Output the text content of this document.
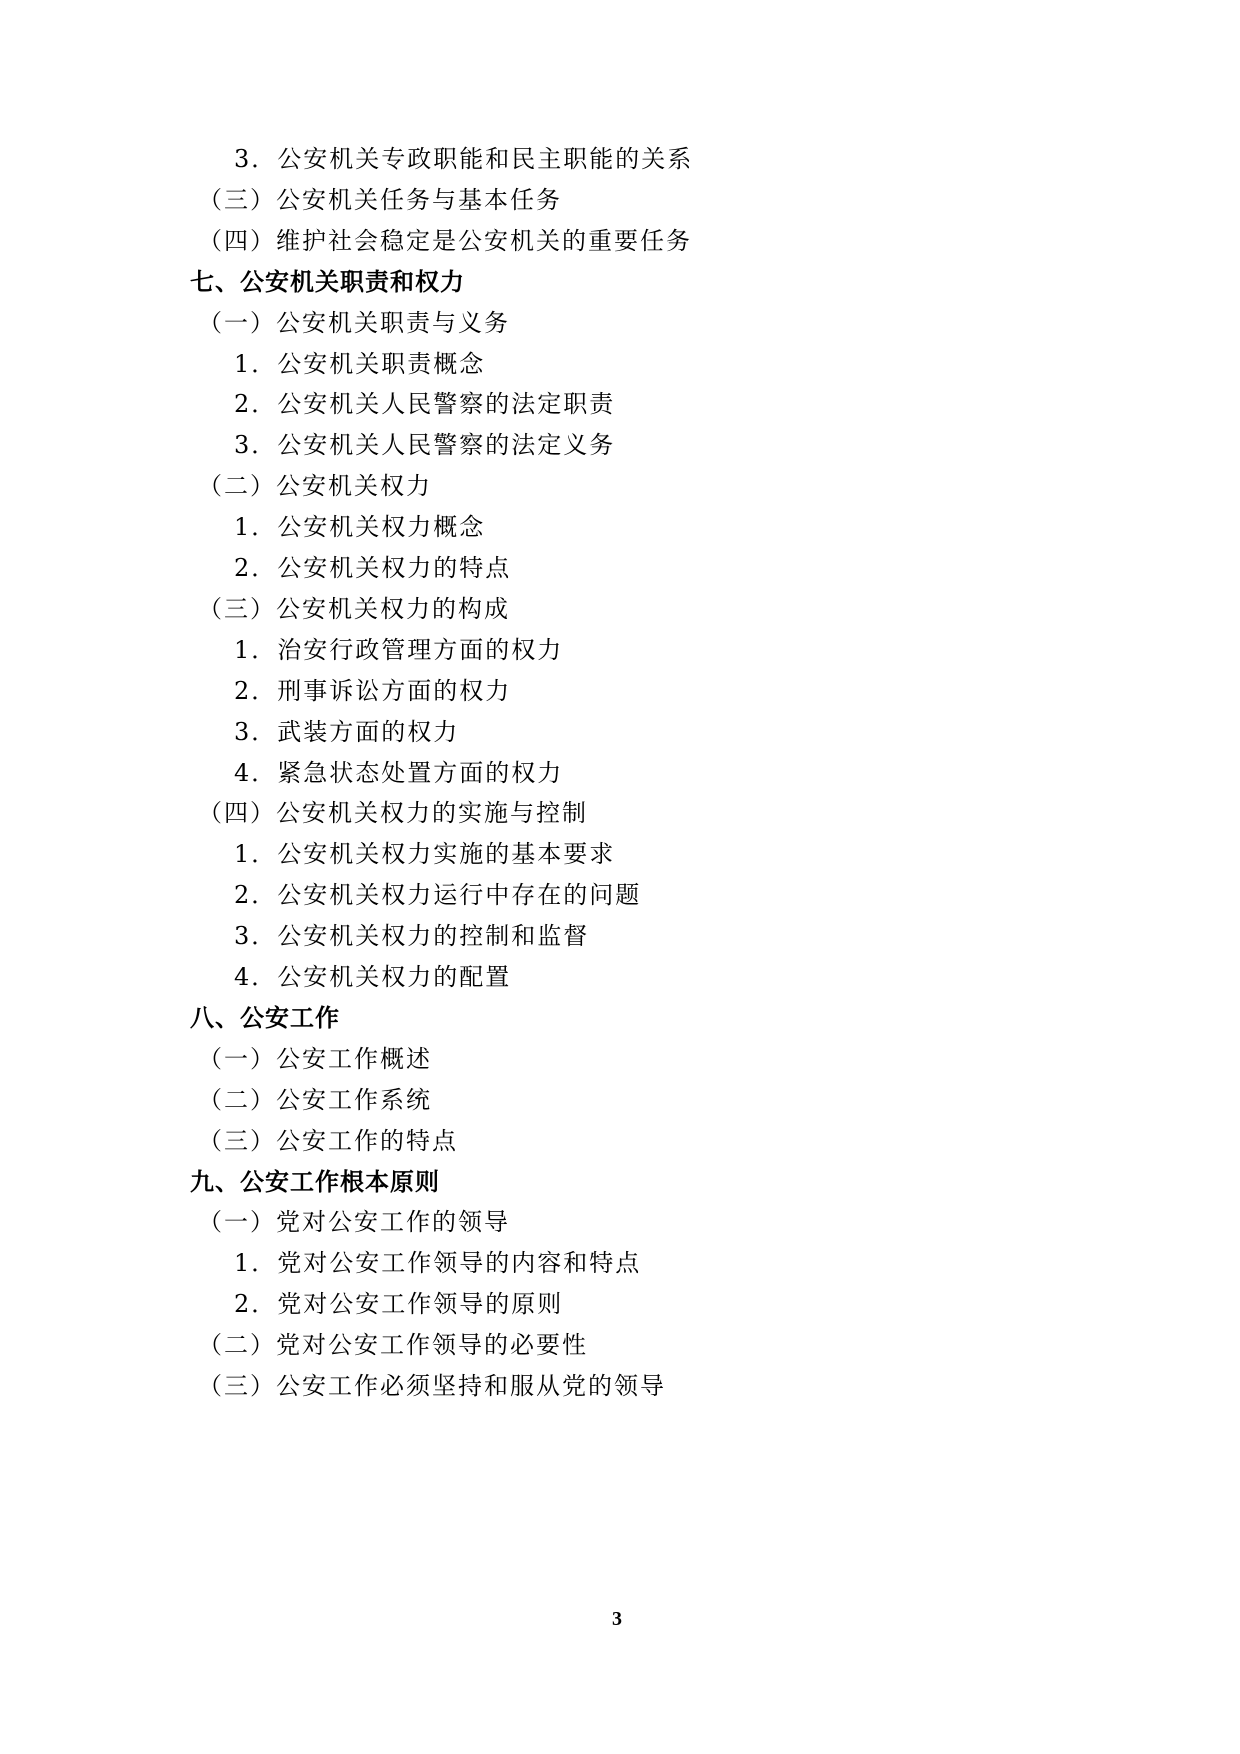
3．公安机关专政职能和民主职能的关系
（三）公安机关任务与基本任务
（四）维护社会稳定是公安机关的重要任务
七、公安机关职责和权力
（一）公安机关职责与义务
1．公安机关职责概念
2．公安机关人民警察的法定职责
3．公安机关人民警察的法定义务
（二）公安机关权力
1．公安机关权力概念
2．公安机关权力的特点
（三）公安机关权力的构成
1．治安行政管理方面的权力
2．刑事诉讼方面的权力
3．武装方面的权力
4．紧急状态处置方面的权力
（四）公安机关权力的实施与控制
1．公安机关权力实施的基本要求
2．公安机关权力运行中存在的问题
3．公安机关权力的控制和监督
4．公安机关权力的配置
八、公安工作
（一）公安工作概述
（二）公安工作系统
（三）公安工作的特点
九、公安工作根本原则
（一）党对公安工作的领导
1．党对公安工作领导的内容和特点
2．党对公安工作领导的原则
（二）党对公安工作领导的必要性
（三）公安工作必须坚持和服从党的领导
3
